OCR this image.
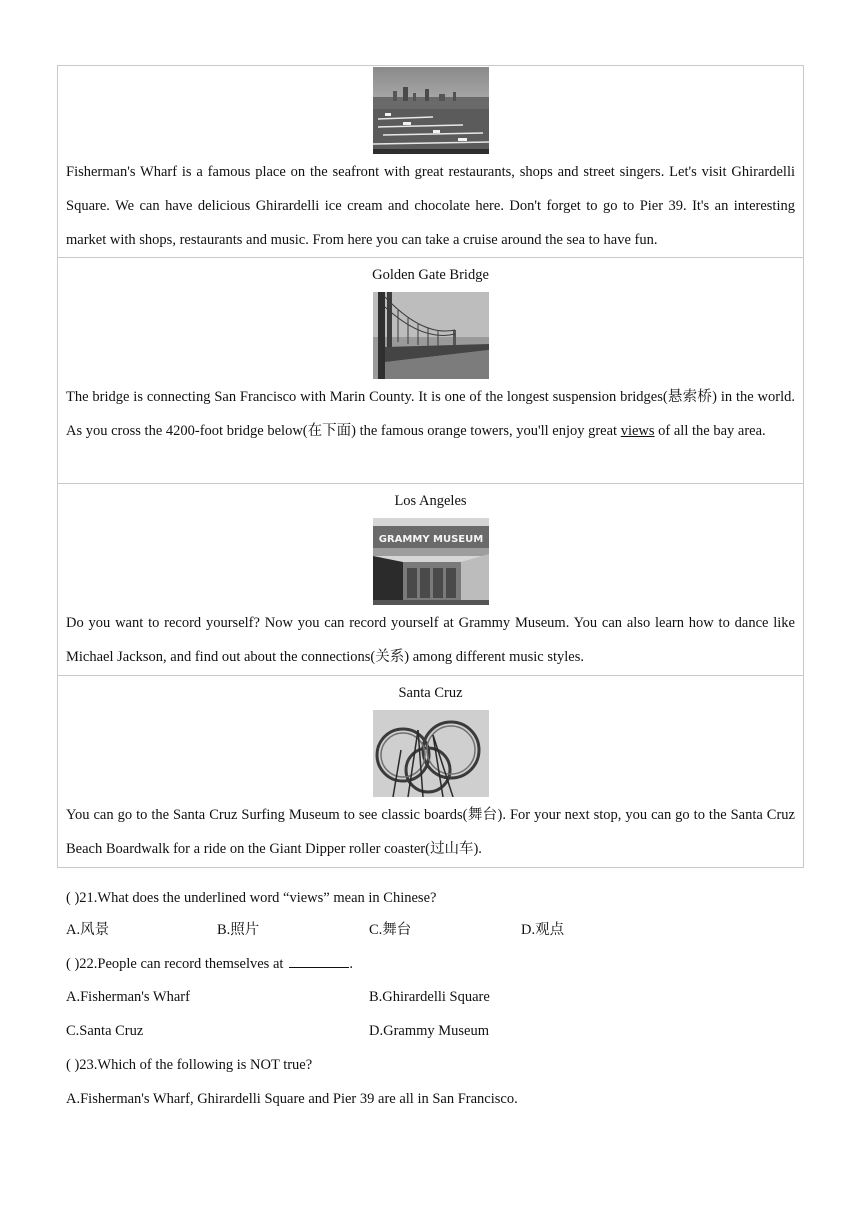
Fisherman's Wharf is a famous place on the seafront with great restaurants, shops and street singers. Let's visit Ghirardelli Square. We can have delicious Ghirardelli ice cream and chocolate here. Don't forget to go to Pier 39. It's an interesting market with shops, restaurants and music. From here you can take a cruise around the sea to have fun.
Golden Gate Bridge
The bridge is connecting San Francisco with Marin County. It is one of the longest suspension bridges(悬索桥) in the world. As you cross the 4200-foot bridge below(在下面) the famous orange towers, you'll enjoy great views of all the bay area.
Los Angeles
GRAMMY MUSEUM
Do you want to record yourself? Now you can record yourself at Grammy Museum. You can also learn how to dance like Michael Jackson, and find out about the connections(关系) among different music styles.
Santa Cruz
You can go to the Santa Cruz Surfing Museum to see classic boards(舞台). For your next stop, you can go to the Santa Cruz Beach Boardwalk for a ride on the Giant Dipper roller coaster(过山车).
( )21.What does the underlined word “views” mean in Chinese?
A.风景	B.照片	C.舞台	D.观点
( )22.People can record themselves at	.
A.Fisherman's Wharf	B.Ghirardelli Square
C.Santa Cruz	D.Grammy Museum
( )23.Which of the following is NOT true?
A.Fisherman's Wharf, Ghirardelli Square and Pier 39 are all in San Francisco.
